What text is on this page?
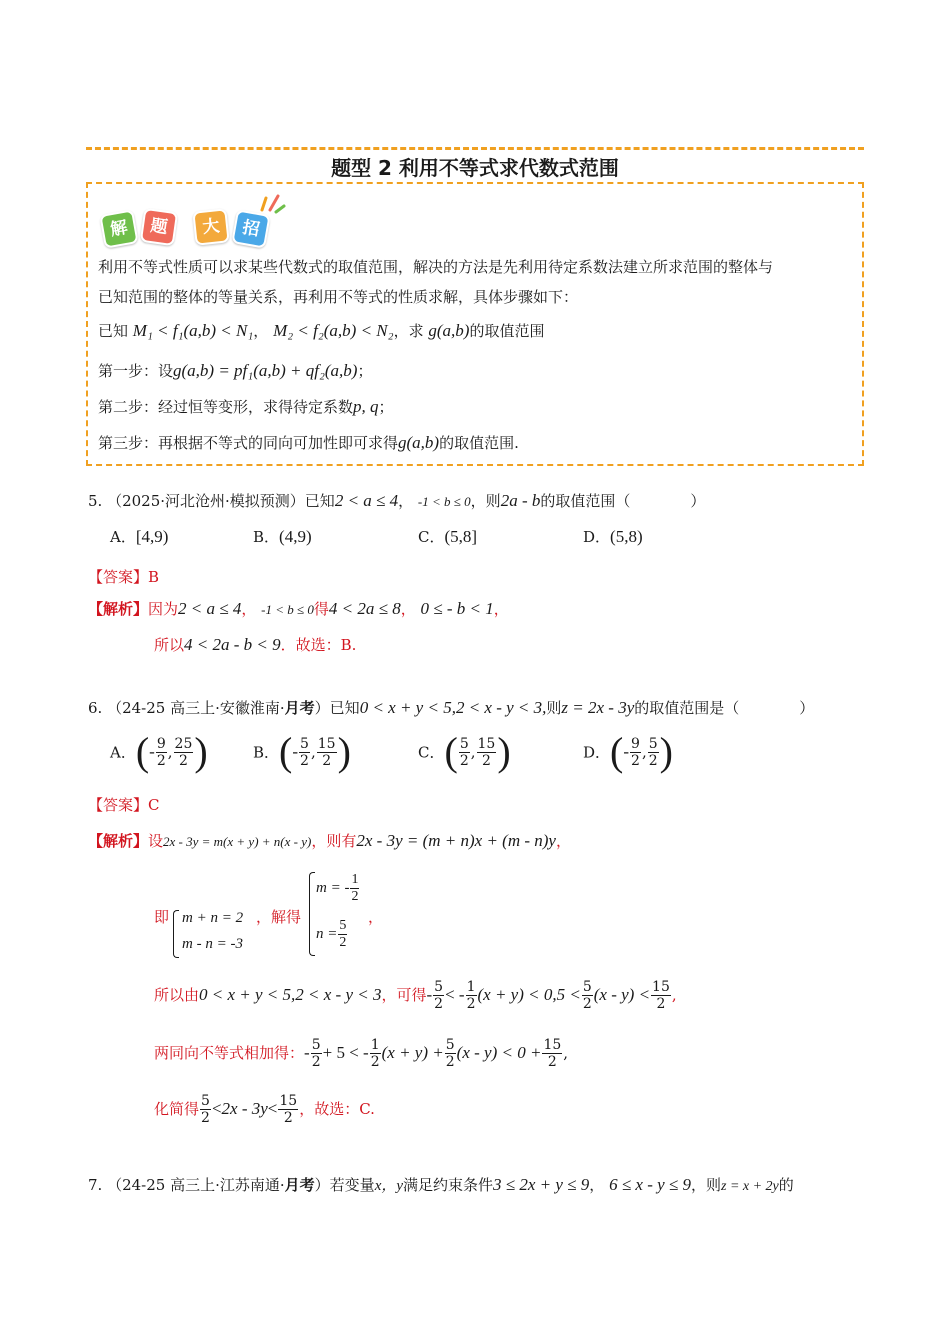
题型 2 利用不等式求代数式范围
解	题	大	招
利用不等式性质可以求某些代数式的取值范围，解决的方法是先利用待定系数法建立所求范围的整体与
已知范围的整体的等量关系，再利用不等式的性质求解，具体步骤如下：
已知 M₁ < f₁(a,b) < N₁， M₂ < f₂(a,b) < N₂，求 g(a,b)的取值范围
第一步：设g(a,b) = pf₁(a,b) + qf₂(a,b)；
第二步：经过恒等变形，求得待定系数p, q；
第三步：再根据不等式的同向可加性即可求得g(a,b)的取值范围.
5. （2025·河北沧州·模拟预测）已知2 < a ≤ 4， -1 < b ≤ 0，则2a - b的取值范围（　　　　）
A．[4,9)	B．(4,9)	C．(5,8]	D．(5,8)
【答案】B
【解析】因为2 < a ≤ 4， -1 < b ≤ 0得4 < 2a ≤ 8， 0 ≤ - b < 1，
所以4 < 2a - b < 9．故选：B.
6. （24-25 高三上·安徽淮南·月考）已知0 < x + y < 5,2 < x - y < 3,则z = 2x - 3y的取值范围是（　　　　）
A．(- $\frac{9}{2}$ , $\frac{25}{2}$ )	B．(- $\frac{5}{2}$ , $\frac{15}{2}$ )	C．( $\frac{5}{2}$ , $\frac{15}{2}$ )	D．(- $\frac{9}{2}$ , $\frac{5}{2}$ )
【答案】C
【解析】设2x - 3y = m(x + y) + n(x - y)，则有2x - 3y = (m + n)x + (m - n)y，
即 m + n = 2
m - n = -3
，解得
m = - $\frac{1}{2}$
$n = \frac{5}{2}$
，
所以由0 < x + y < 5,2 < x - y < 3，可得- $\frac{5}{2}$ < - $\frac{1}{2} (x + y) < 0,5 < \frac{5}{2} (x - y) < \frac{15}{2}$ ,
两同向不等式相加得：- $\frac{5}{2} + 5$ < - $\frac{1}{2} (x + y) + \frac{5}{2} (x - y) < 0 + \frac{15}{2}$ ,
化简得 $\frac{5}{2} <2x - 3y< \frac{15}{2}$ ，故选：C.
7. （24-25 高三上·江苏南通·月考）若变量x，y满足约束条件3 ≤ 2x + y ≤ 9， 6 ≤ x - y ≤ 9，则z = x + 2y的
